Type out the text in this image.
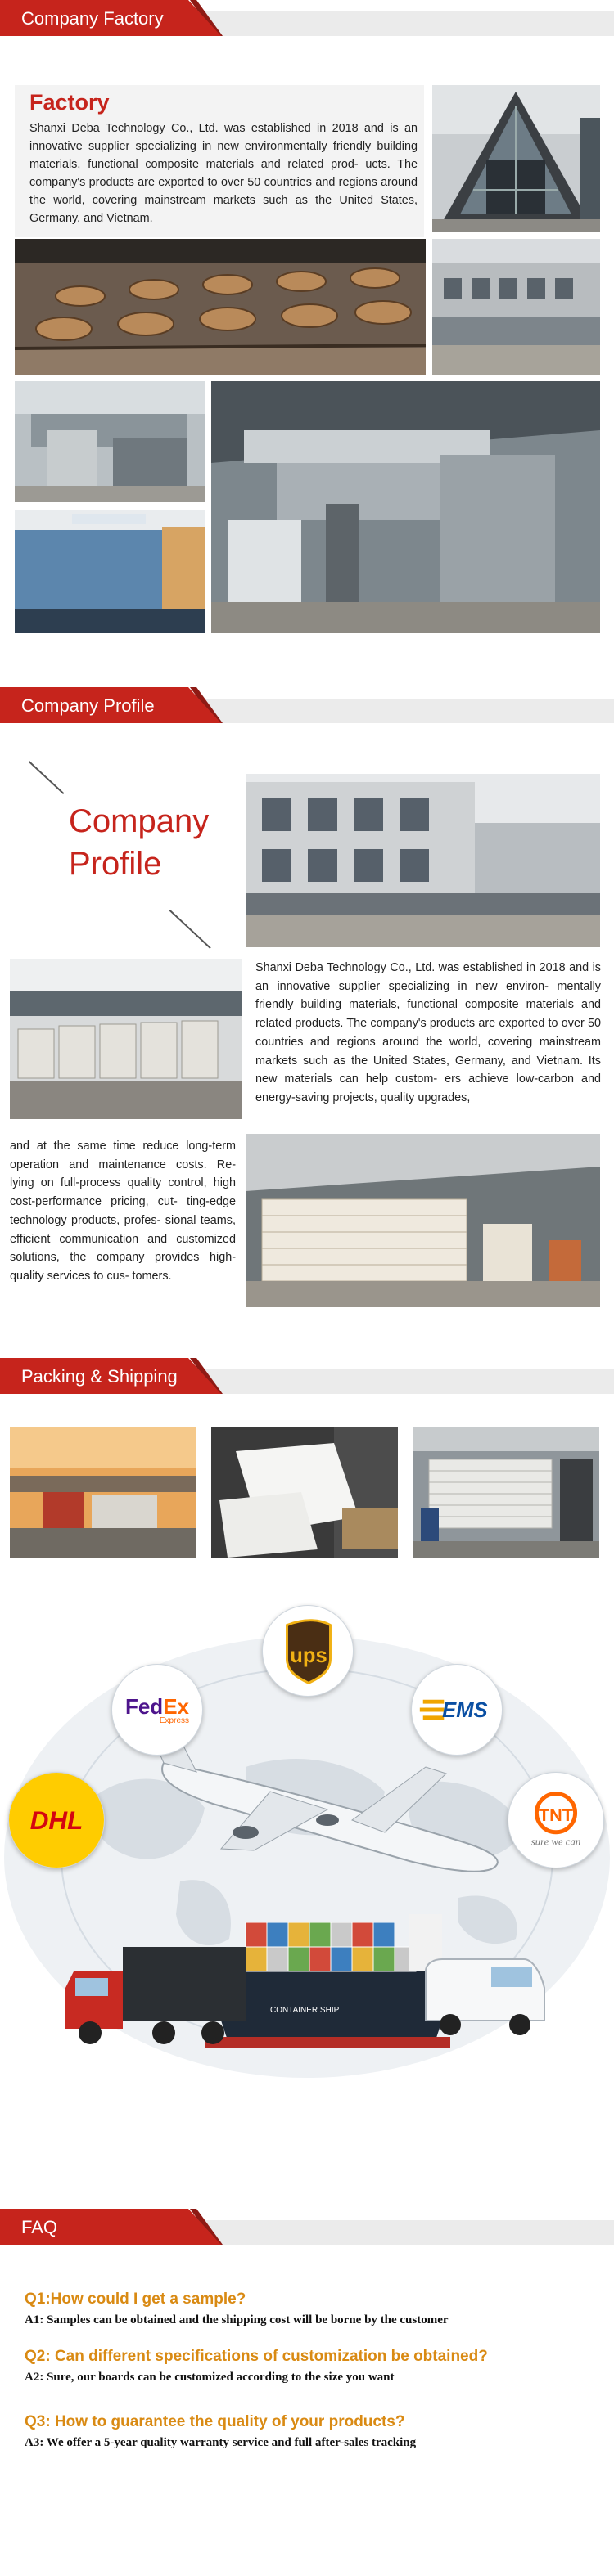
Company Factory
Factory
Shanxi Deba Technology Co., Ltd. was established in 2018 and is an innovative supplier specializing in new environmentally friendly building materials, functional composite materials and related prod- ucts. The company's products are exported to over 50 countries and regions around the world, covering mainstream markets such as the United States, Germany, and Vietnam.
Company Profile
Company
Profile
Shanxi Deba Technology Co., Ltd. was established in 2018 and is an innovative supplier specializing in new environ- mentally friendly building materials, functional composite materials and related products. The company's products are exported to over 50 countries and regions around the world, covering mainstream markets such as the United States, Germany, and Vietnam. Its new materials can help custom- ers achieve low-carbon and energy-saving projects, quality upgrades,
and at the same time reduce long-term operation and maintenance costs. Re- lying on full-process quality control, high cost-performance pricing, cut- ting-edge technology products, profes- sional teams, efficient communication and customized solutions, the company provides high-quality services to cus- tomers.
Packing & Shipping
CONTAINER SHIP
ups
FedEx
Express	EMS
DHL	TNT
sure we can
FAQ
Q1:How could I get a sample?
A1: Samples can be obtained and the shipping cost will be borne by the customer
Q2: Can different specifications of customization be obtained?
A2: Sure, our boards can be customized according to the size you want
Q3: How to guarantee the quality of your products?
A3: We offer a 5-year quality warranty service and full after-sales tracking
